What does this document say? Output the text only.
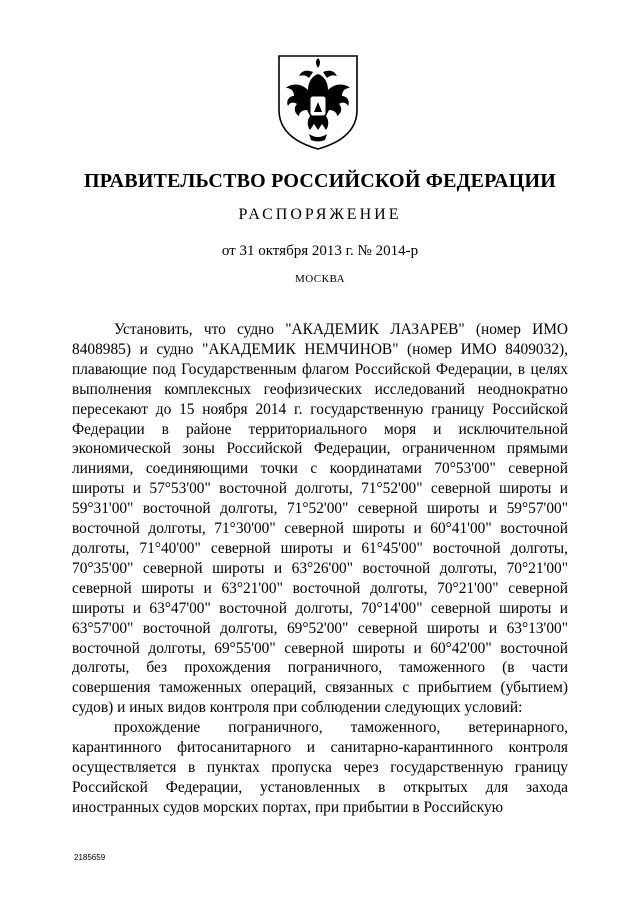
ПРАВИТЕЛЬСТВО РОССИЙСКОЙ ФЕДЕРАЦИИ
РАСПОРЯЖЕНИЕ
от 31 октября 2013 г. № 2014-р
МОСКВА

Установить, что судно "АКАДЕМИК ЛАЗАРЕВ" (номер ИМО 8408985) и судно "АКАДЕМИК НЕМЧИНОВ" (номер ИМО 8409032), плавающие под Государственным флагом Российской Федерации, в целях выполнения комплексных геофизических исследований неоднократно пересекают до 15 ноября 2014 г. государственную границу Российской Федерации в районе территориального моря и исключительной экономической зоны Российской Федерации, ограниченном прямыми линиями, соединяющими точки с координатами 70°53'00" северной широты и 57°53'00" восточной долготы, 71°52'00" северной широты и 59°31'00" восточной долготы, 71°52'00" северной широты и 59°57'00" восточной долготы, 71°30'00" северной широты и 60°41'00" восточной долготы, 71°40'00" северной широты и 61°45'00" восточной долготы, 70°35'00" северной широты и 63°26'00" восточной долготы, 70°21'00" северной широты и 63°21'00" восточной долготы, 70°21'00" северной широты и 63°47'00" восточной долготы, 70°14'00" северной широты и 63°57'00" восточной долготы, 69°52'00" северной широты и 63°13'00" восточной долготы, 69°55'00" северной широты и 60°42'00" восточной долготы, без прохождения пограничного, таможенного (в части совершения таможенных операций, связанных с прибытием (убытием) судов) и иных видов контроля при соблюдении следующих условий:

прохождение пограничного, таможенного, ветеринарного, карантинного фитосанитарного и санитарно-карантинного контроля осуществляется в пунктах пропуска через государственную границу Российской Федерации, установленных в открытых для захода иностранных судов морских портах, при прибытии в Российскую

2185659
